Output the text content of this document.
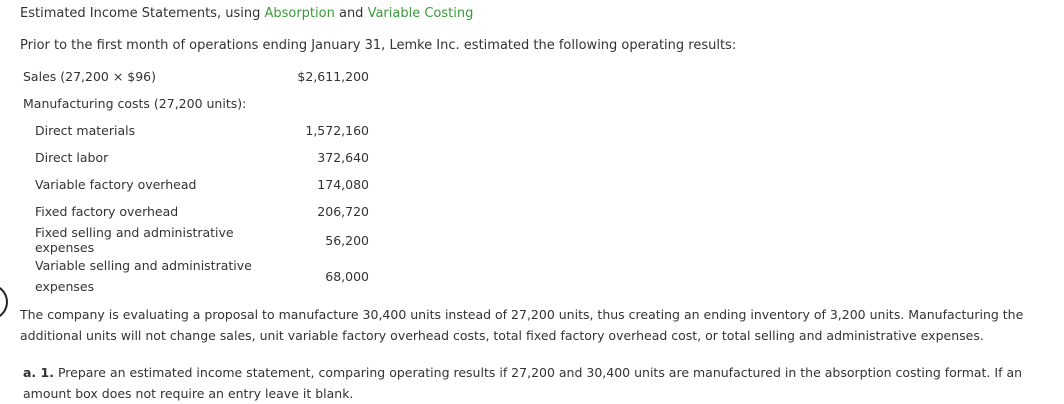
Estimated Income Statements, using Absorption and Variable Costing
Prior to the first month of operations ending January 31, Lemke Inc. estimated the following operating results:
Sales (27,200 × $96)	$2,611,200
Manufacturing costs (27,200 units):	
Direct materials	1,572,160
Direct labor	372,640
Variable factory overhead	174,080
Fixed factory overhead	206,720
Fixed selling and administrative expenses	56,200
Variable selling and administrative expenses	68,000
The company is evaluating a proposal to manufacture 30,400 units instead of 27,200 units, thus creating an ending inventory of 3,200 units. Manufacturing the additional units will not change sales, unit variable factory overhead costs, total fixed factory overhead cost, or total selling and administrative expenses.
a. 1. Prepare an estimated income statement, comparing operating results if 27,200 and 30,400 units are manufactured in the absorption costing format. If an amount box does not require an entry leave it blank.
